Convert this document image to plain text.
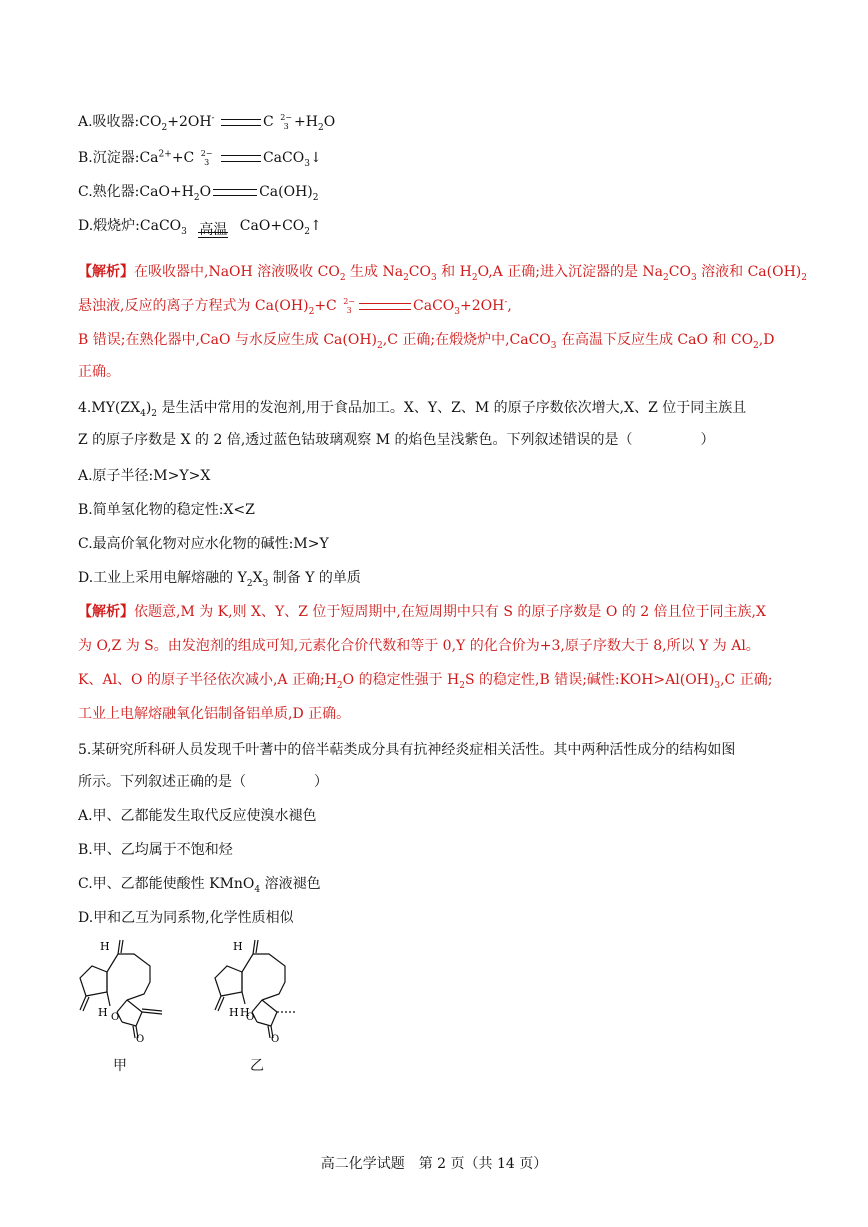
A.吸收器$:CO_2+2OH^-$	C 2−
$3 +H_2O$
B.沉淀器$:Ca^{2+}+C$ 2−
3	CaCO$_3$↓
C.熟化器$:CaO+H_2O$	$Ca(OH)_2$
D.煅烧炉:CaCO$_3$ 高温 $CaO+CO_2↑$
【解析】在吸收器中,NaOH 溶液吸收 $CO_2$ 生成 $Na_2CO_3$ 和 $H_2O,A$ 正确;进入沉淀器的是 $Na_2CO_3$ 溶液和 $Ca(OH)_2$
悬浊液,反应的离子方程式为 $Ca(OH)_2+C$ 2−
3	CaCO$_3$+2OH-,
B 错误;在熟化器中,CaO 与水反应生成 $Ca(OH)_2,C$ 正确;在煅烧炉中,CaCO$_3$ 在高温下反应生成 CaO 和 $CO_2,D$
正确。
$4.MY(ZX_4)_2$ 是生活中常用的发泡剂,用于食品加工。X、Y、Z、M 的原子序数依次增大,X、Z 位于同主族且
Z 的原子序数是 X 的 2 倍,透过蓝色钴玻璃观察 M 的焰色呈浅紫色。下列叙述错误的是（	）
A.原子半径:M>Y>X
B.简单氢化物的稳定性:X<Z
C.最高价氧化物对应水化物的碱性:M>Y
D.工业上采用电解熔融的 $Y_2X_3$ 制备 Y 的单质
【解析】依题意,M 为 K,则 X、Y、Z 位于短周期中,在短周期中只有 S 的原子序数是 O 的 2 倍且位于同主族,X
为 O,Z 为 S。由发泡剂的组成可知,元素化合价代数和等于 0,Y 的化合价为+3,原子序数大于 8,所以 Y 为 Al。
K、Al、O 的原子半径依次减小,A 正确$;H_2O$ 的稳定性强于 $H_2S$ 的稳定性,B 错误;碱性$:KOH>Al(OH)_3,C$ 正确;
工业上电解熔融氧化铝制备铝单质,D 正确。
5.某研究所科研人员发现千叶蓍中的倍半萜类成分具有抗神经炎症相关活性。其中两种活性成分的结构如图
所示。下列叙述正确的是（	）
A.甲、乙都能发生取代反应使溴水褪色
B.甲、乙均属于不饱和烃
C.甲、乙都能使酸性 KMnO$_4$ 溶液褪色
D.甲和乙互为同系物,化学性质相似
H
H O
O
甲
H
H H
O
O
乙
高二化学试题　第 2 页（共 14 页）
